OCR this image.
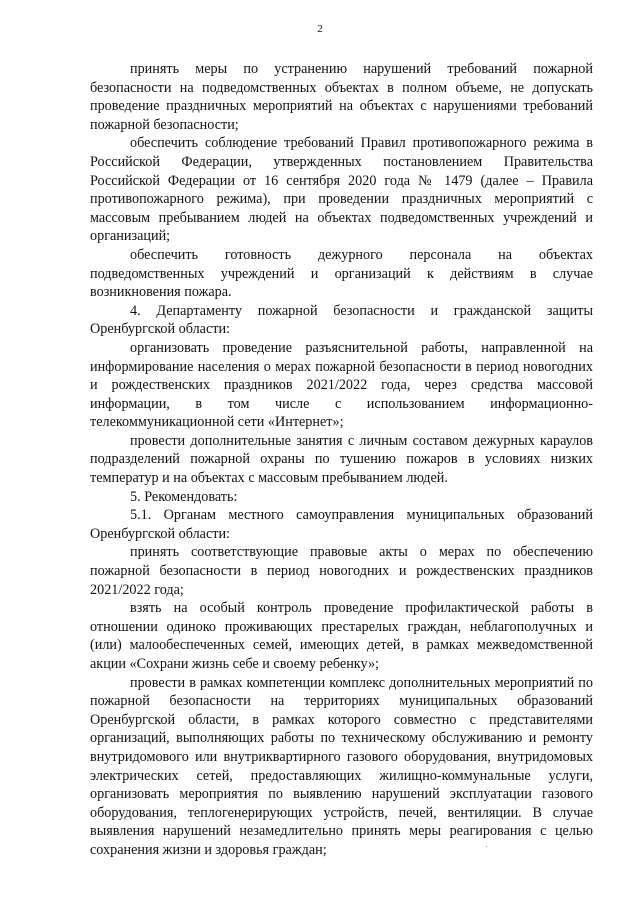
2

принять меры по устранению нарушений требований пожарной безопасности на подведомственных объектах в полном объеме, не допускать проведение праздничных мероприятий на объектах с нарушениями требований пожарной безопасности;

обеспечить соблюдение требований Правил противопожарного режима в Российской Федерации, утвержденных постановлением Правительства Российской Федерации от 16 сентября 2020 года № 1479 (далее – Правила противопожарного режима), при проведении праздничных мероприятий с массовым пребыванием людей на объектах подведомственных учреждений и организаций;

обеспечить готовность дежурного персонала на объектах подведомственных учреждений и организаций к действиям в случае возникновения пожара.

4. Департаменту пожарной безопасности и гражданской защиты Оренбургской области:

организовать проведение разъяснительной работы, направленной на информирование населения о мерах пожарной безопасности в период новогодних и рождественских праздников 2021/2022 года, через средства массовой информации, в том числе с использованием информационно-телекоммуникационной сети «Интернет»;

провести дополнительные занятия с личным составом дежурных караулов подразделений пожарной охраны по тушению пожаров в условиях низких температур и на объектах с массовым пребыванием людей.

5. Рекомендовать:

5.1. Органам местного самоуправления муниципальных образований Оренбургской области:

принять соответствующие правовые акты о мерах по обеспечению пожарной безопасности в период новогодних и рождественских праздников 2021/2022 года;

взять на особый контроль проведение профилактической работы в отношении одиноко проживающих престарелых граждан, неблагополучных и (или) малообеспеченных семей, имеющих детей, в рамках межведомственной акции «Сохрани жизнь себе и своему ребенку»;

провести в рамках компетенции комплекс дополнительных мероприятий по пожарной безопасности на территориях муниципальных образований Оренбургской области, в рамках которого совместно с представителями организаций, выполняющих работы по техническому обслуживанию и ремонту внутридомового или внутриквартирного газового оборудования, внутридомовых электрических сетей, предоставляющих жилищно-коммунальные услуги, организовать мероприятия по выявлению нарушений эксплуатации газового оборудования, теплогенерирующих устройств, печей, вентиляции. В случае выявления нарушений незамедлительно принять меры реагирования с целью сохранения жизни и здоровья граждан;
